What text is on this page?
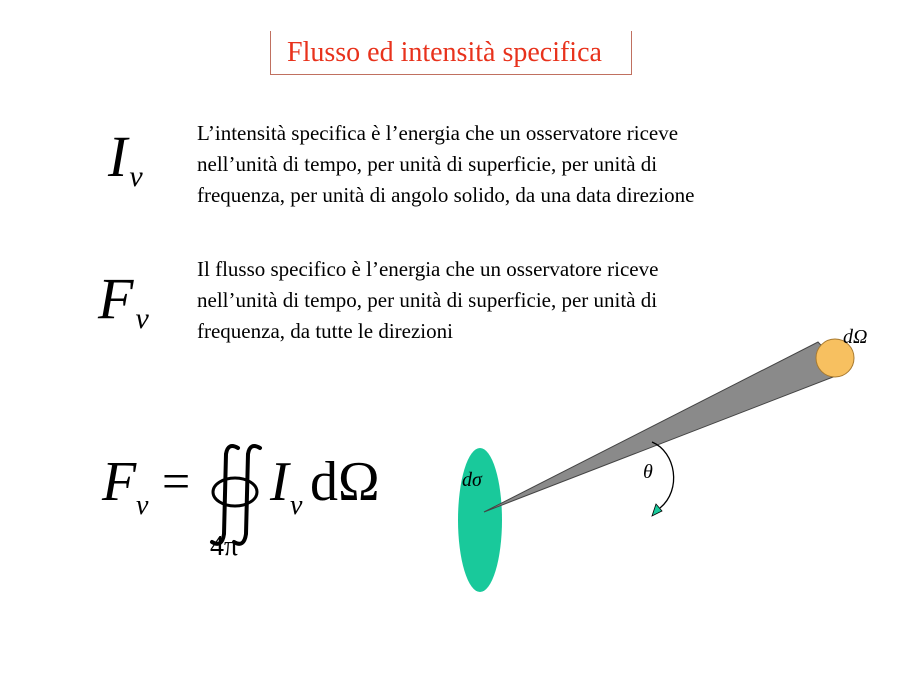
Flusso ed intensità specifica
Iν
L’intensità specifica è l’energia che un osservatore riceve
nell’unità di tempo, per unità di superficie, per unità di
frequenza, per unità di angolo solido, da una data direzione
Fν
Il flusso specifico è l’energia che un osservatore riceve
nell’unità di tempo, per unità di superficie, per unità di
frequenza, da tutte le direzioni
F ν = I ν dΩ
4π
dσ
dΩ
θ
